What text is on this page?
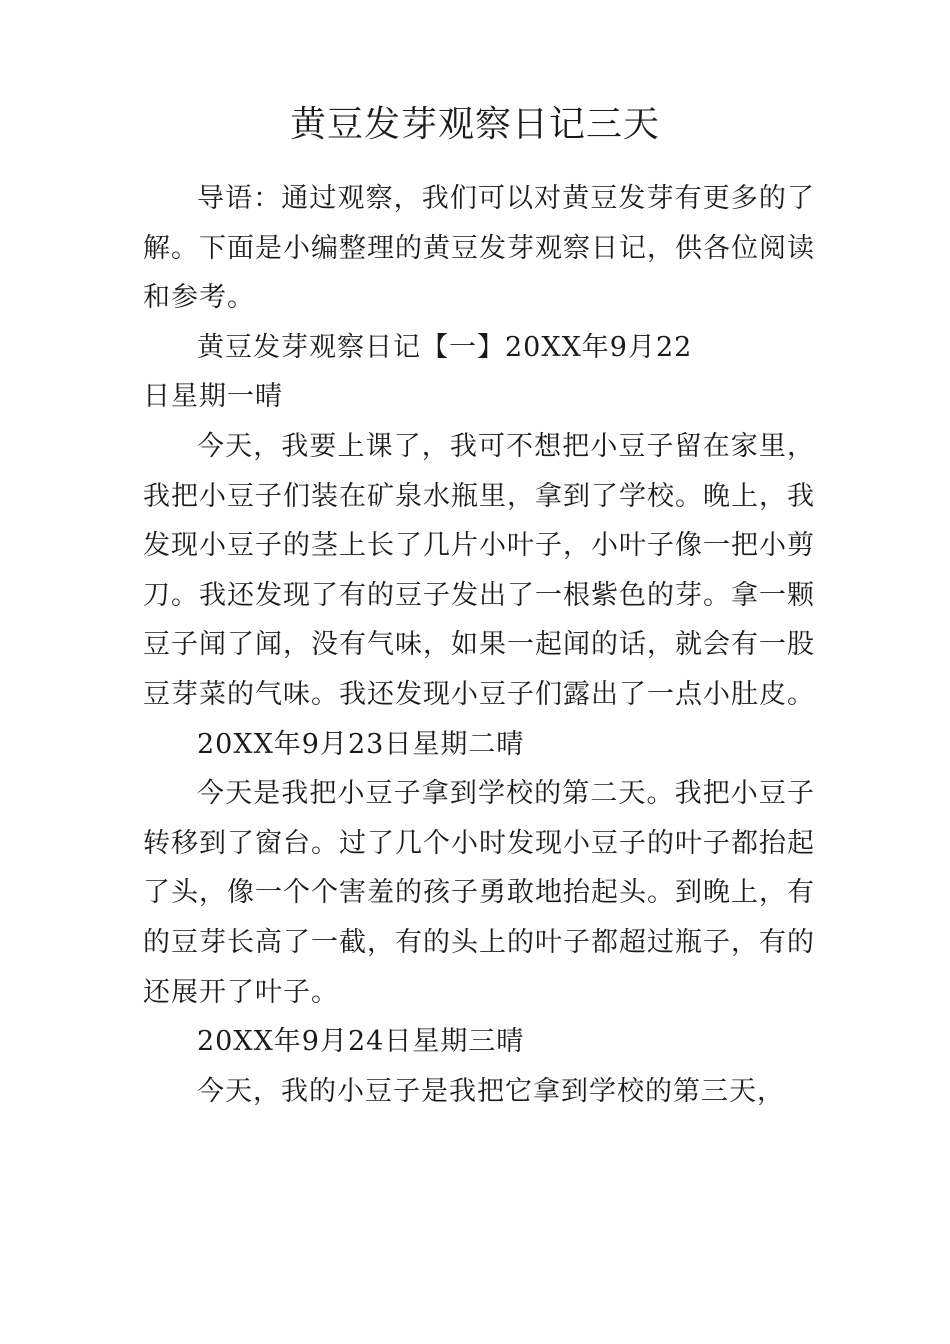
黄豆发芽观察日记三天

导语：通过观察，我们可以对黄豆发芽有更多的了解。下面是小编整理的黄豆发芽观察日记，供各位阅读和参考。

黄豆发芽观察日记【一】20XX年9月22

日星期一晴

今天，我要上课了，我可不想把小豆子留在家里，我把小豆子们装在矿泉水瓶里，拿到了学校。晚上，我发现小豆子的茎上长了几片小叶子，小叶子像一把小剪刀。我还发现了有的豆子发出了一根紫色的芽。拿一颗豆子闻了闻，没有气味，如果一起闻的话，就会有一股豆芽菜的气味。我还发现小豆子们露出了一点小肚皮。

20XX年9月23日星期二晴

今天是我把小豆子拿到学校的第二天。我把小豆子转移到了窗台。过了几个小时发现小豆子的叶子都抬起了头，像一个个害羞的孩子勇敢地抬起头。到晚上，有的豆芽长高了一截，有的头上的叶子都超过瓶子，有的还展开了叶子。

20XX年9月24日星期三晴

今天，我的小豆子是我把它拿到学校的第三天，
